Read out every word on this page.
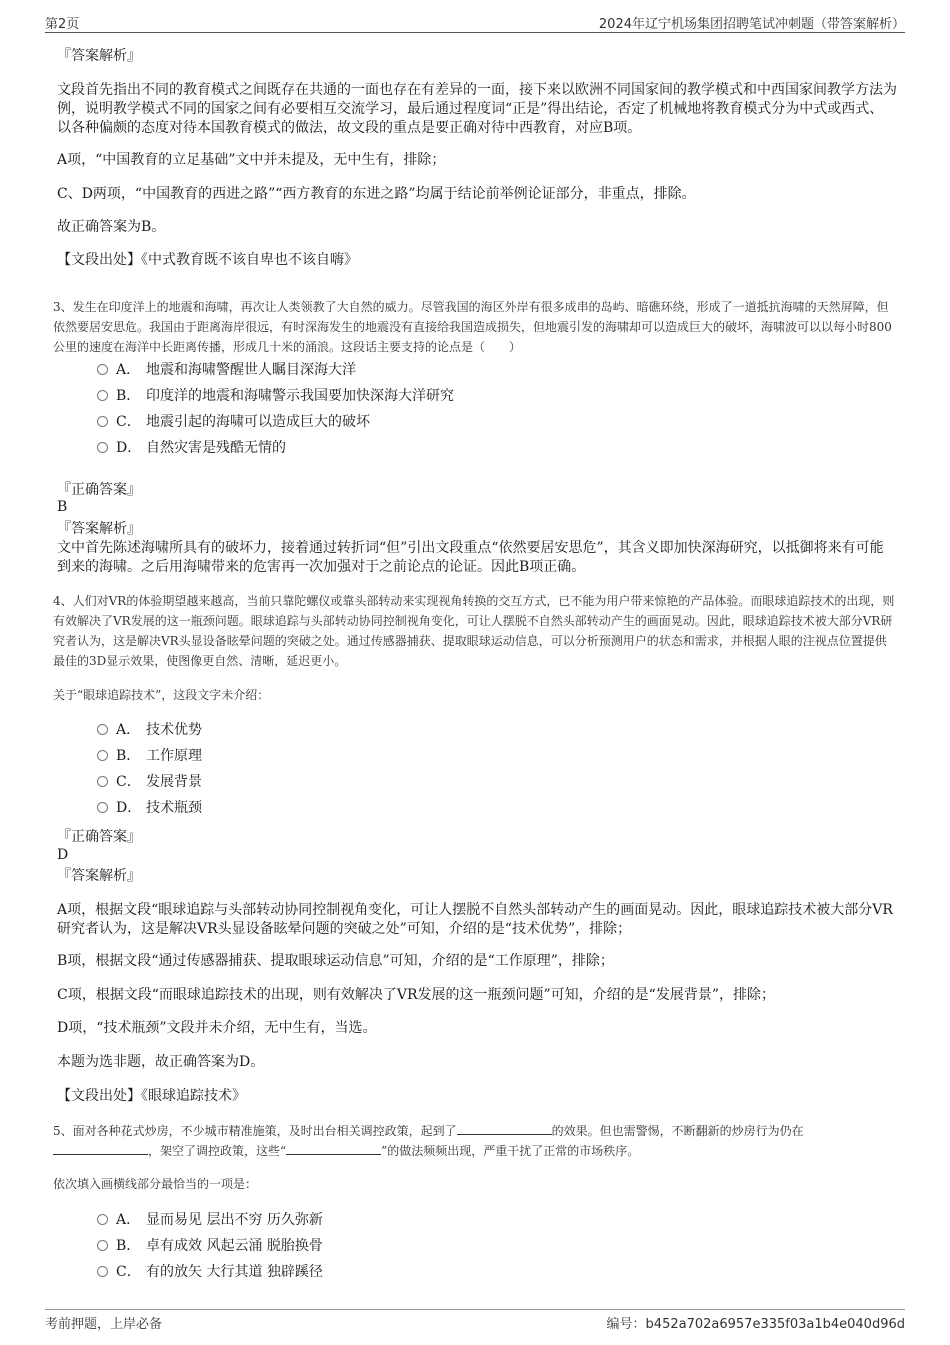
第2页	2024年辽宁机场集团招聘笔试冲刺题（带答案解析）
『答案解析』
文段首先指出不同的教育模式之间既存在共通的一面也存在有差异的一面，接下来以欧洲不同国家间的教学模式和中西国家间教学方法为例，说明教学模式不同的国家之间有必要相互交流学习，最后通过程度词“正是”得出结论，否定了机械地将教育模式分为中式或西式、以各种偏颇的态度对待本国教育模式的做法，故文段的重点是要正确对待中西教育，对应B项。
A项，“中国教育的立足基础”文中并未提及，无中生有，排除；
C、D两项，“中国教育的西进之路”“西方教育的东进之路”均属于结论前举例论证部分，非重点，排除。
故正确答案为B。
【文段出处】《中式教育既不该自卑也不该自嗨》
3、发生在印度洋上的地震和海啸，再次让人类领教了大自然的威力。尽管我国的海区外岸有很多成串的岛屿、暗礁环绕，形成了一道抵抗海啸的天然屏障，但依然要居安思危。我国由于距离海岸很远，有时深海发生的地震没有直接给我国造成损失，但地震引发的海啸却可以造成巨大的破坏，海啸波可以以每小时800公里的速度在海洋中长距离传播，形成几十米的涌浪。这段话主要支持的论点是（　　）
A． 地震和海啸警醒世人瞩目深海大洋
B． 印度洋的地震和海啸警示我国要加快深海大洋研究
C． 地震引起的海啸可以造成巨大的破坏
D． 自然灾害是残酷无情的
『正确答案』
B
『答案解析』
文中首先陈述海啸所具有的破坏力，接着通过转折词“但”引出文段重点“依然要居安思危”，其含义即加快深海研究，以抵御将来有可能到来的海啸。之后用海啸带来的危害再一次加强对于之前论点的论证。因此B项正确。
4、人们对VR的体验期望越来越高，当前只靠陀螺仪或靠头部转动来实现视角转换的交互方式，已不能为用户带来惊艳的产品体验。而眼球追踪技术的出现，则有效解决了VR发展的这一瓶颈问题。眼球追踪与头部转动协同控制视角变化，可让人摆脱不自然头部转动产生的画面晃动。因此，眼球追踪技术被大部分VR研究者认为，这是解决VR头显设备眩晕问题的突破之处。通过传感器捕获、提取眼球运动信息，可以分析预测用户的状态和需求，并根据人眼的注视点位置提供最佳的3D显示效果，使图像更自然、清晰，延迟更小。
关于“眼球追踪技术”，这段文字未介绍：
A． 技术优势
B． 工作原理
C． 发展背景
D． 技术瓶颈
『正确答案』
D
『答案解析』
A项，根据文段“眼球追踪与头部转动协同控制视角变化，可让人摆脱不自然头部转动产生的画面晃动。因此，眼球追踪技术被大部分VR研究者认为，这是解决VR头显设备眩晕问题的突破之处”可知，介绍的是“技术优势”，排除；
B项，根据文段“通过传感器捕获、提取眼球运动信息”可知，介绍的是“工作原理”，排除；
C项，根据文段“而眼球追踪技术的出现，则有效解决了VR发展的这一瓶颈问题”可知，介绍的是“发展背景”，排除；
D项，“技术瓶颈”文段并未介绍，无中生有，当选。
本题为选非题，故正确答案为D。
【文段出处】《眼球追踪技术》
5、面对各种花式炒房，不少城市精准施策，及时出台相关调控政策，起到了	的效果。但也需警惕，不断翻新的炒房行为仍在，架空了调控政策，这些“	”的做法频频出现，严重干扰了正常的市场秩序。
依次填入画横线部分最恰当的一项是：
A． 显而易见 层出不穷 历久弥新
B． 卓有成效 风起云涌 脱胎换骨
C． 有的放矢 大行其道 独辟蹊径
考前押题，上岸必备	编号：b452a702a6957e335f03a1b4e040d96d
